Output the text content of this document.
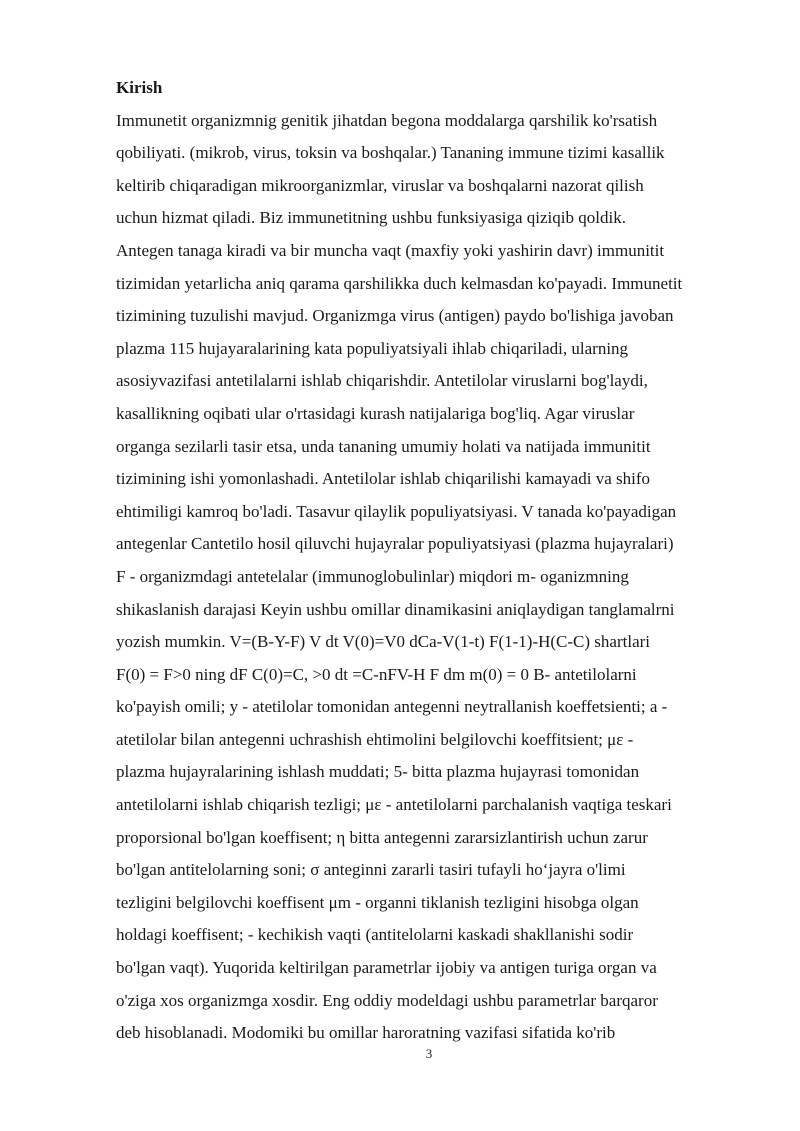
Kirish

Immunetit organizmnig genitik jihatdan begona moddalarga qarshilik ko'rsatish

qobiliyati. (mikrob, virus, toksin va boshqalar.) Tananing immune tizimi kasallik

keltirib chiqaradigan mikroorganizmlar, viruslar va boshqalarni nazorat qilish

uchun hizmat qiladi. Biz immunetitning ushbu funksiyasiga qiziqib qoldik.

Antegen tanaga kiradi va bir muncha vaqt (maxfiy yoki yashirin davr) immunitit

tizimidan yetarlicha aniq qarama qarshilikka duch kelmasdan ko'payadi. Immunetit

tizimining tuzulishi mavjud. Organizmga virus (antigen) paydo bo'lishiga javoban

plazma 115 hujayaralarining kata populiyatsiyali ihlab chiqariladi, ularning

asosiyvazifasi antetilalarni ishlab chiqarishdir. Antetilolar viruslarni bog'laydi,

kasallikning oqibati ular o'rtasidagi kurash natijalariga bog'liq. Agar viruslar

organga sezilarli tasir etsa, unda tananing umumiy holati va natijada immunitit

tizimining ishi yomonlashadi. Antetilolar ishlab chiqarilishi kamayadi va shifo

ehtimiligi kamroq bo'ladi. Tasavur qilaylik populiyatsiyasi. V tanada ko'payadigan

antegenlar Cantetilo hosil qiluvchi hujayralar populiyatsiyasi (plazma hujayralari)

F - organizmdagi antetelalar (immunoglobulinlar) miqdori m- oganizmning

shikaslanish darajasi Keyin ushbu omillar dinamikasini aniqlaydigan tanglamalrni

yozish mumkin. V=(B-Y-F) V dt V(0)=V0 dCa-V(1-t) F(1-1)-H(C-C) shartlari

F(0) = F>0 ning dF C(0)=C, >0 dt =C-nFV-H F dm m(0) = 0 B- antetilolarni

ko'payish omili; y - atetilolar tomonidan antegenni neytrallanish koeffetsienti; a -

atetilolar bilan antegenni uchrashish ehtimolini belgilovchi koeffitsient; με -

plazma hujayralarining ishlash muddati; 5- bitta plazma hujayrasi tomonidan

antetilolarni ishlab chiqarish tezligi; με - antetilolarni parchalanish vaqtiga teskari

proporsional bo'lgan koeffisent; η bitta antegenni zararsizlantirish uchun zarur

bo'lgan antitelolarning soni; σ anteginni zararli tasiri tufayli hoʻjayra o'limi

tezligini belgilovchi koeffisent μm - organni tiklanish tezligini hisobga olgan

holdagi koeffisent; - kechikish vaqti (antitelolarni kaskadi shakllanishi sodir

bo'lgan vaqt). Yuqorida keltirilgan parametrlar ijobiy va antigen turiga organ va

o'ziga xos organizmga xosdir. Eng oddiy modeldagi ushbu parametrlar barqaror

deb hisoblanadi. Modomiki bu omillar haroratning vazifasi sifatida ko'rib

3
